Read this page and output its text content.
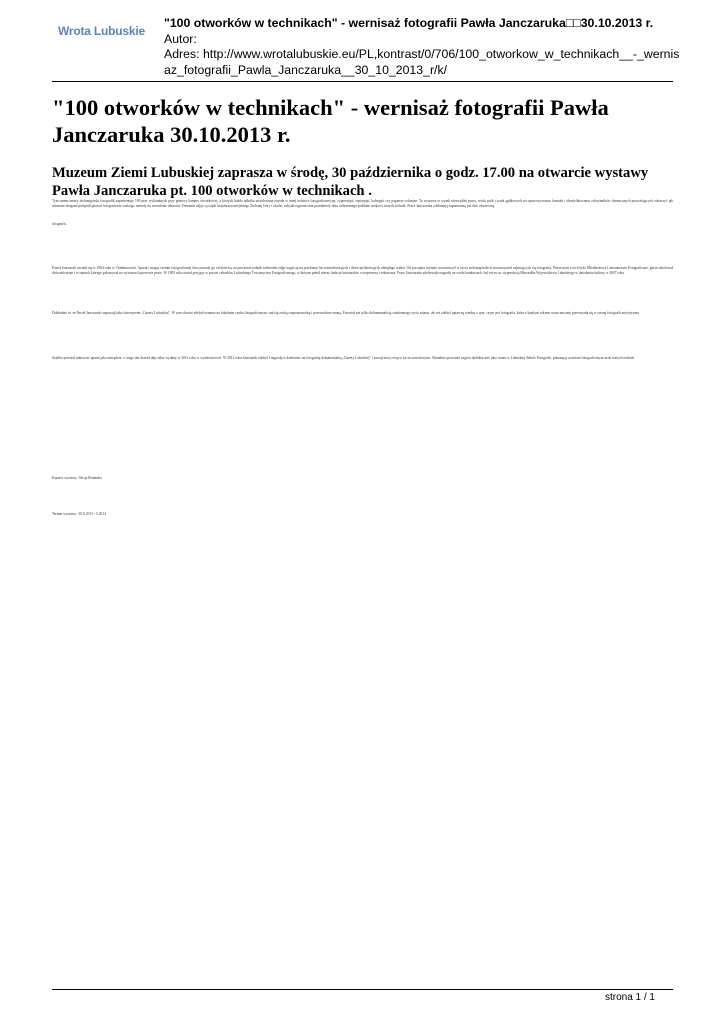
Wrota Lubuskie
"100 otworków w technikach" - wernisaż fotografii Pawła Janczaruka□□30.10.2013 r.
Autor:
Adres: http://www.wrotalubuskie.eu/PL,kontrast/0/706/100_otworkow_w_technikach__-_wernisaz_fotografii_Pawla_Janczaruka__30_10_2013_r/k/
"100 otworków w technikach" - wernisaż fotografii Pawła Janczaruka 30.10.2013 r.
Muzeum Ziemi Lubuskiej zaprasza w środę, 30 października o godz. 17.00 na otwarcie wystawy Pawła Janczaruka pt. 100 otworków w technikach .
Tym razem zmary zielonogórski fotografik zaprezentuje 100 prac wykonanych przy pomocy kamery otworkowej, z których każda odbitka utrzelowana została w innej technice fotograficznej np. cyjanotypii, sepiatypii, kalotypii czy papierze solonym. Ta wystawa to wynik niezwykłej pracy, wielu prób i sztuk ąpdkowych na opracowywaniu formuły i identyfikowaniu odczynników chemicznych pozwalających zobaczyć jak różnorne drogami podążali pierwsi fotografowie szukając metody na utrwalenie obrazów. Tematem zdjęć są wątki krajobrazu miejskiego Zielonej Góry i okolic, zabytki regionu oraz przedmioty dnia codziennego poddane urokowi starych technik. Prace Janczaruka odsłaniają zapomnianą już dziś odwieczną
fotografii.
Paweł Janczaruk urodził się w 1964 roku w Chełmiaczach. Aparat i magia czemni fotograficznej fascynowały go od dziecka, na poważnie jednak robieniem zdjęć zajął się na przełomie lat osiemdziesiątych i dziewięćdziesiątych ubiegłego wieku. Od początku czynnie uczestniczył w życiu zielonogórskich stowarzyszeń zajmujących się fotografią. Pierwszym z nich było Młodzieżowe Laboratorium Fotograficzne, gdzie szkolował doświadczenie i w ramach którego pokazywał na wystawach pierwsze prace. W 1992 roku został przyjęty w poczet członków Lubuskiego Towarzystwa Fotograficznego, w którym pełnił nieraz funkcje kuratorskie, wiceprezesa i sekretarza. Prace Janczaruka zdobywały nagrody na wielu konkursach, był też m.in. stypendystą Marszałka Województwa Lubuskiego w dziedzinie kultury w 2007 roku.
Dokładnie to, że Paweł Janczaruk rozpoczął jako fotoreporter „Gazety Lubuskiej". W tym okresie zdobył uznanie na lokalnym rynku fotograficznym, stał się osobą rozpoznawalną i powszechnie znaną. Pozostał nie tylko dokumentalistą codziennego życia miasta, ale też zdobył uprawną wiedzę o tym, czym jest fotografia, która z każdym rokiem coraz mocniej przesuwała się w stronę fotografii artystycznej.
Szybko przestał traktować aparat jako narzędzie, z czego ten dowód daje tekst wydany w 2012 roku w wydawnictwie. W 2012 roku Janczaruk zdobył I nagrodę w konkursie na fotografię dokumentalną „Gazety Lubuskiej" i zaczął nowy etap w życiu zawodowym. Aktualnie prowadzi zajęcia dydaktyczne jako trener w Lubuskiej Szkole Fotografii, pokazując uczniom fotograficznym urok starych technik.
Kurator wystawy: Alicja Bruźnska
Termin wystawy: 30.X.2013 - 5.2014
strona 1 / 1
